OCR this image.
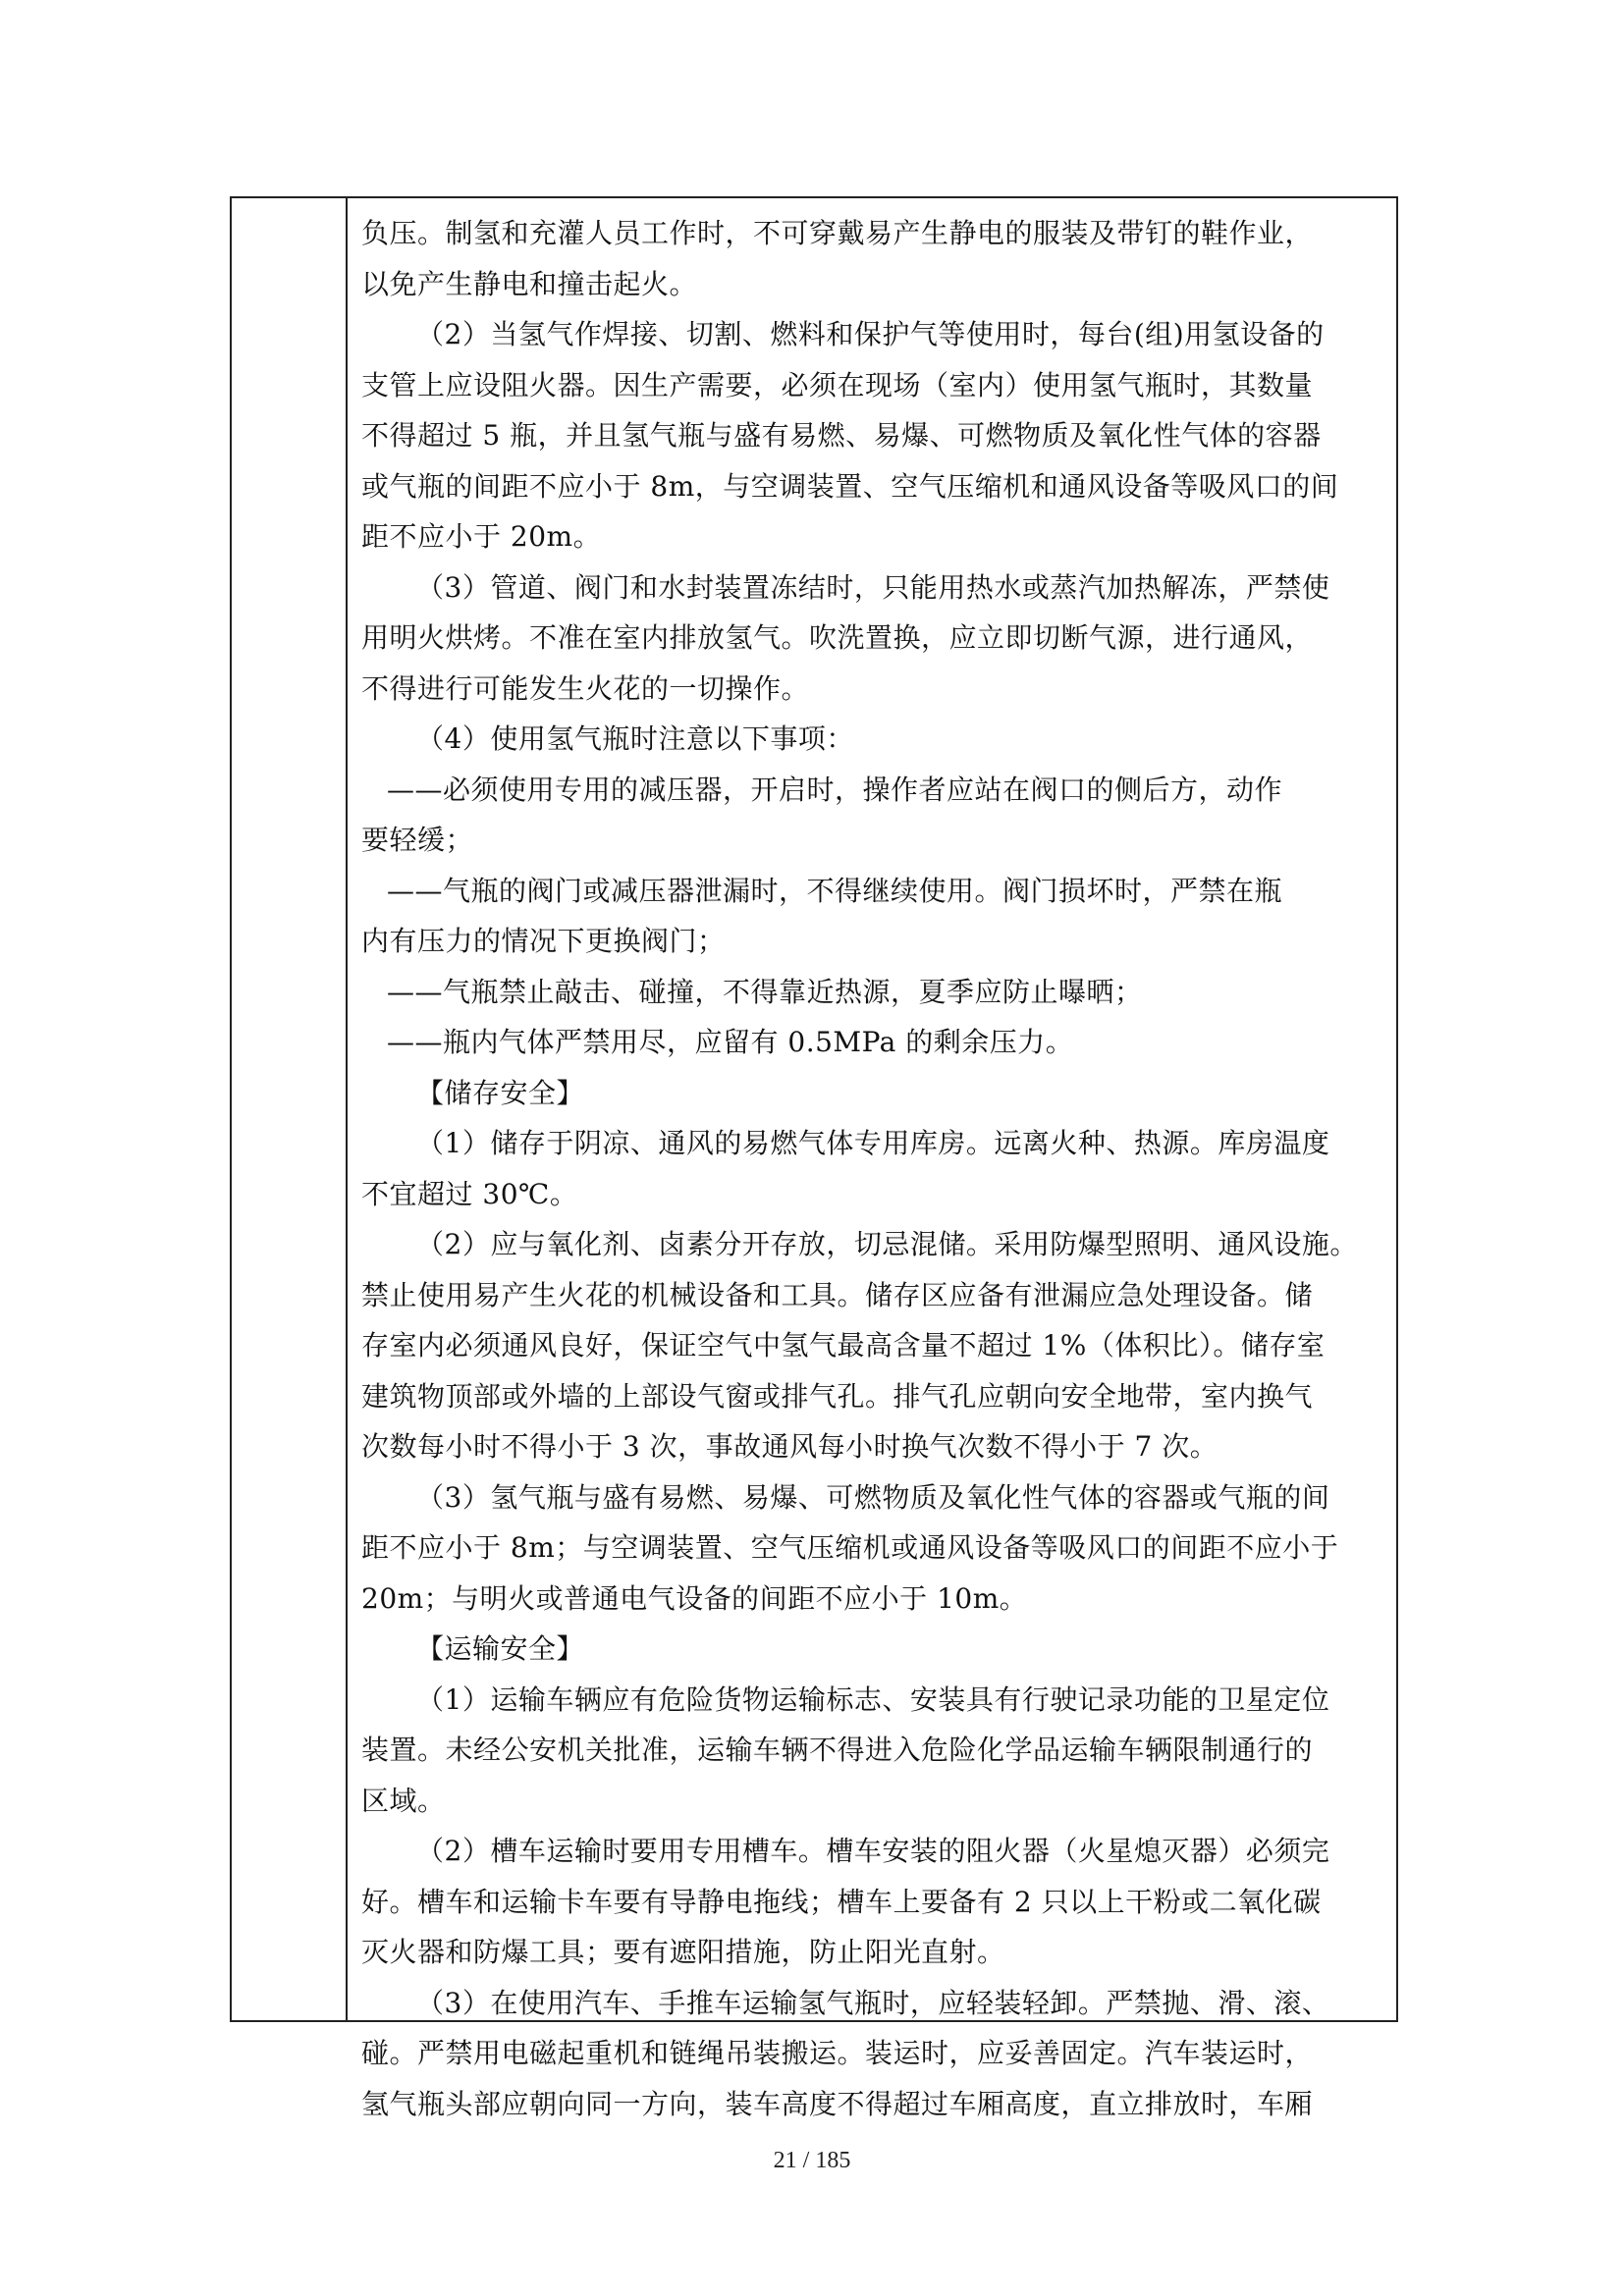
负压。制氢和充灌人员工作时，不可穿戴易产生静电的服装及带钉的鞋作业，
以免产生静电和撞击起火。
（2）当氢气作焊接、切割、燃料和保护气等使用时，每台(组)用氢设备的
支管上应设阻火器。因生产需要，必须在现场（室内）使用氢气瓶时，其数量
不得超过 5 瓶，并且氢气瓶与盛有易燃、易爆、可燃物质及氧化性气体的容器
或气瓶的间距不应小于 8m，与空调装置、空气压缩机和通风设备等吸风口的间
距不应小于 20m。
（3）管道、阀门和水封装置冻结时，只能用热水或蒸汽加热解冻，严禁使
用明火烘烤。不准在室内排放氢气。吹洗置换，应立即切断气源，进行通风，
不得进行可能发生火花的一切操作。
（4）使用氢气瓶时注意以下事项：
——必须使用专用的减压器，开启时，操作者应站在阀口的侧后方，动作
要轻缓；
——气瓶的阀门或减压器泄漏时，不得继续使用。阀门损坏时，严禁在瓶
内有压力的情况下更换阀门；
——气瓶禁止敲击、碰撞，不得靠近热源，夏季应防止曝晒；
——瓶内气体严禁用尽，应留有 0.5MPa 的剩余压力。
【储存安全】
（1）储存于阴凉、通风的易燃气体专用库房。远离火种、热源。库房温度
不宜超过 30℃。
（2）应与氧化剂、卤素分开存放，切忌混储。采用防爆型照明、通风设施。
禁止使用易产生火花的机械设备和工具。储存区应备有泄漏应急处理设备。储
存室内必须通风良好，保证空气中氢气最高含量不超过 1%（体积比）。储存室
建筑物顶部或外墙的上部设气窗或排气孔。排气孔应朝向安全地带，室内换气
次数每小时不得小于 3 次，事故通风每小时换气次数不得小于 7 次。
（3）氢气瓶与盛有易燃、易爆、可燃物质及氧化性气体的容器或气瓶的间
距不应小于 8m；与空调装置、空气压缩机或通风设备等吸风口的间距不应小于
20m；与明火或普通电气设备的间距不应小于 10m。
【运输安全】
（1）运输车辆应有危险货物运输标志、安装具有行驶记录功能的卫星定位
装置。未经公安机关批准，运输车辆不得进入危险化学品运输车辆限制通行的
区域。
（2）槽车运输时要用专用槽车。槽车安装的阻火器（火星熄灭器）必须完
好。槽车和运输卡车要有导静电拖线；槽车上要备有 2 只以上干粉或二氧化碳
灭火器和防爆工具；要有遮阳措施，防止阳光直射。
（3）在使用汽车、手推车运输氢气瓶时，应轻装轻卸。严禁抛、滑、滚、
碰。严禁用电磁起重机和链绳吊装搬运。装运时，应妥善固定。汽车装运时，
氢气瓶头部应朝向同一方向，装车高度不得超过车厢高度，直立排放时，车厢
21 / 185
